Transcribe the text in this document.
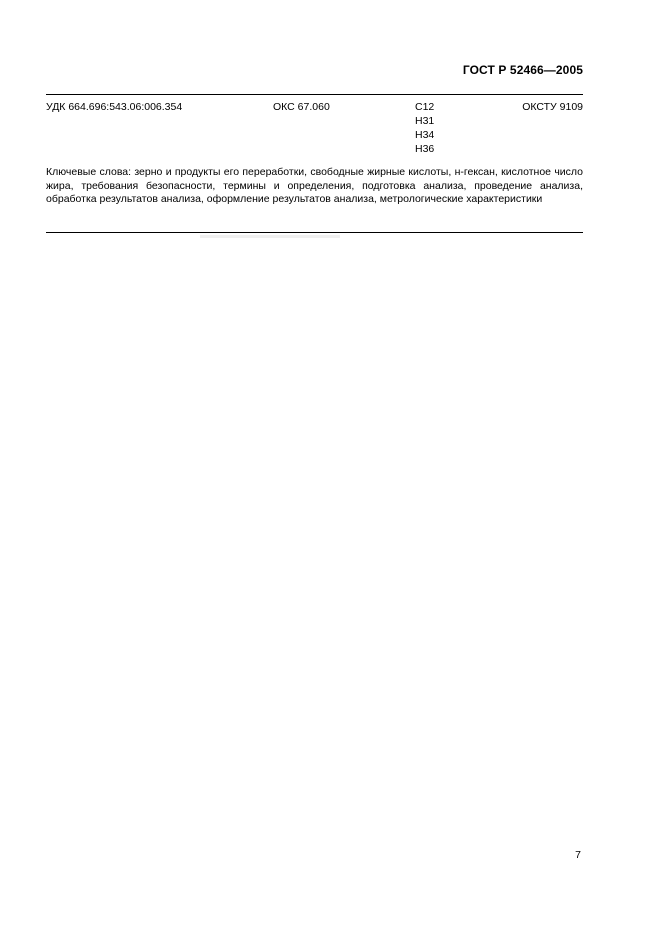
ГОСТ Р 52466—2005
УДК 664.696:543.06:006.354	ОКС 67.060	С12
Н31
Н34
Н36
ОКСТУ 9109
Ключевые слова: зерно и продукты его переработки, свободные жирные кислоты, н-гексан, кислотное число жира, требования безопасности, термины и определения, подготовка анализа, проведение анализа, обработка результатов анализа, оформление результатов анализа, метрологические характеристики
7
